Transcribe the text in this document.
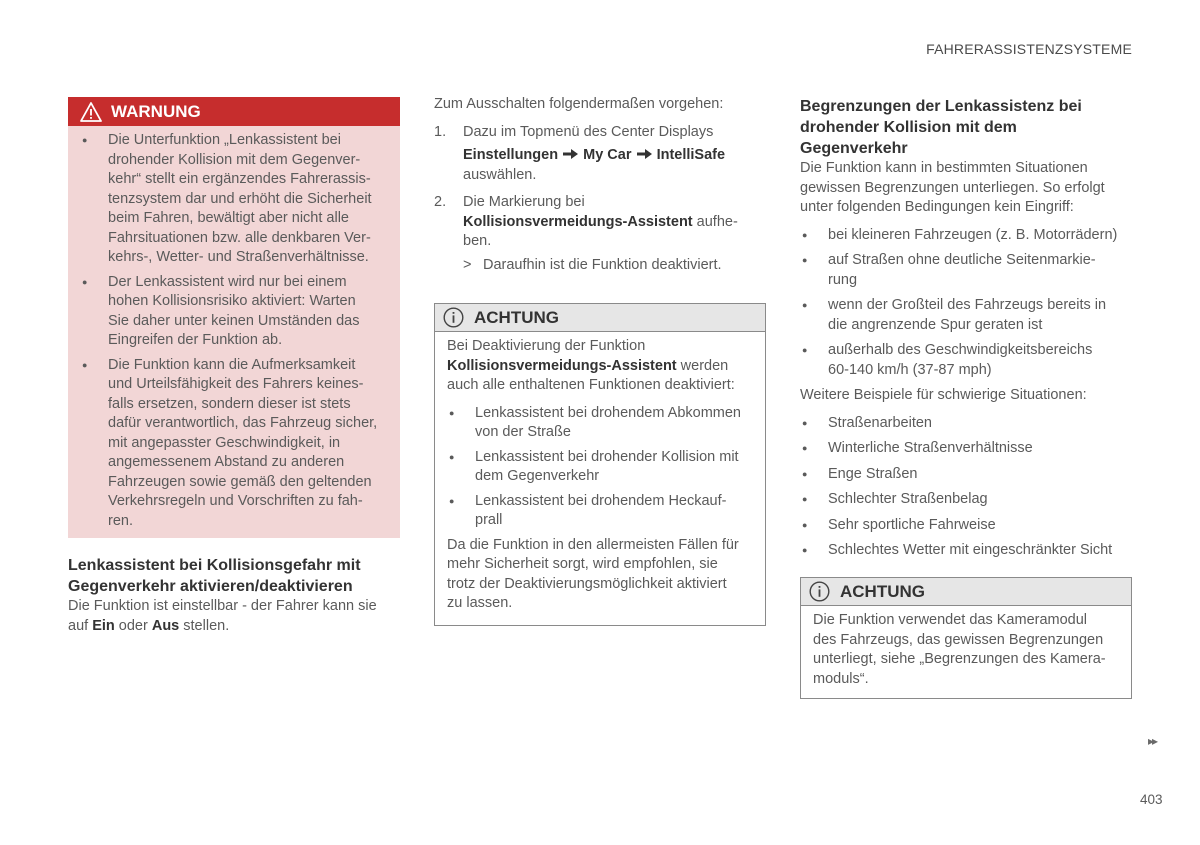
FAHRERASSISTENZSYSTEME
WARNUNG
● Die Unterfunktion „Lenkassistent bei
drohender Kollision mit dem Gegenver-
kehr“ stellt ein ergänzendes Fahrerassis-
tenzsystem dar und erhöht die Sicherheit
beim Fahren, bewältigt aber nicht alle
Fahrsituationen bzw. alle denkbaren Ver-
kehrs-, Wetter- und Straßenverhältnisse.
● Der Lenkassistent wird nur bei einem
hohen Kollisionsrisiko aktiviert: Warten
Sie daher unter keinen Umständen das
Eingreifen der Funktion ab.
● Die Funktion kann die Aufmerksamkeit
und Urteilsfähigkeit des Fahrers keines-
falls ersetzen, sondern dieser ist stets
dafür verantwortlich, das Fahrzeug sicher,
mit angepasster Geschwindigkeit, in
angemessenem Abstand zu anderen
Fahrzeugen sowie gemäß den geltenden
Verkehrsregeln und Vorschriften zu fah-
ren.
Lenkassistent bei Kollisionsgefahr mit
Gegenverkehr aktivieren/deaktivieren
Die Funktion ist einstellbar - der Fahrer kann sie
auf Ein oder Aus stellen.
Zum Ausschalten folgendermaßen vorgehen:
1. Dazu im Topmenü des Center Displays
Einstellungen My Car IntelliSafe
auswählen.
2. Die Markierung bei
Kollisionsvermeidungs-Assistent aufhe-
ben.
> Daraufhin ist die Funktion deaktiviert.
ACHTUNG
Bei Deaktivierung der Funktion
Kollisionsvermeidungs-Assistent werden
auch alle enthaltenen Funktionen deaktiviert:
● Lenkassistent bei drohendem Abkommen
von der Straße
● Lenkassistent bei drohender Kollision mit
dem Gegenverkehr
● Lenkassistent bei drohendem Heckauf-
prall
Da die Funktion in den allermeisten Fällen für
mehr Sicherheit sorgt, wird empfohlen, sie
trotz der Deaktivierungsmöglichkeit aktiviert
zu lassen.
Begrenzungen der Lenkassistenz bei
drohender Kollision mit dem
Gegenverkehr
Die Funktion kann in bestimmten Situationen
gewissen Begrenzungen unterliegen. So erfolgt
unter folgenden Bedingungen kein Eingriff:
● bei kleineren Fahrzeugen (z. B. Motorrädern)
● auf Straßen ohne deutliche Seitenmarkie-
rung
● wenn der Großteil des Fahrzeugs bereits in
die angrenzende Spur geraten ist
● außerhalb des Geschwindigkeitsbereichs
60-140 km/h (37-87 mph)
Weitere Beispiele für schwierige Situationen:
● Straßenarbeiten
● Winterliche Straßenverhältnisse
● Enge Straßen
● Schlechter Straßenbelag
● Sehr sportliche Fahrweise
● Schlechtes Wetter mit eingeschränkter Sicht
ACHTUNG
Die Funktion verwendet das Kameramodul
des Fahrzeugs, das gewissen Begrenzungen
unterliegt, siehe „Begrenzungen des Kamera-
moduls“.
▸▸
403
